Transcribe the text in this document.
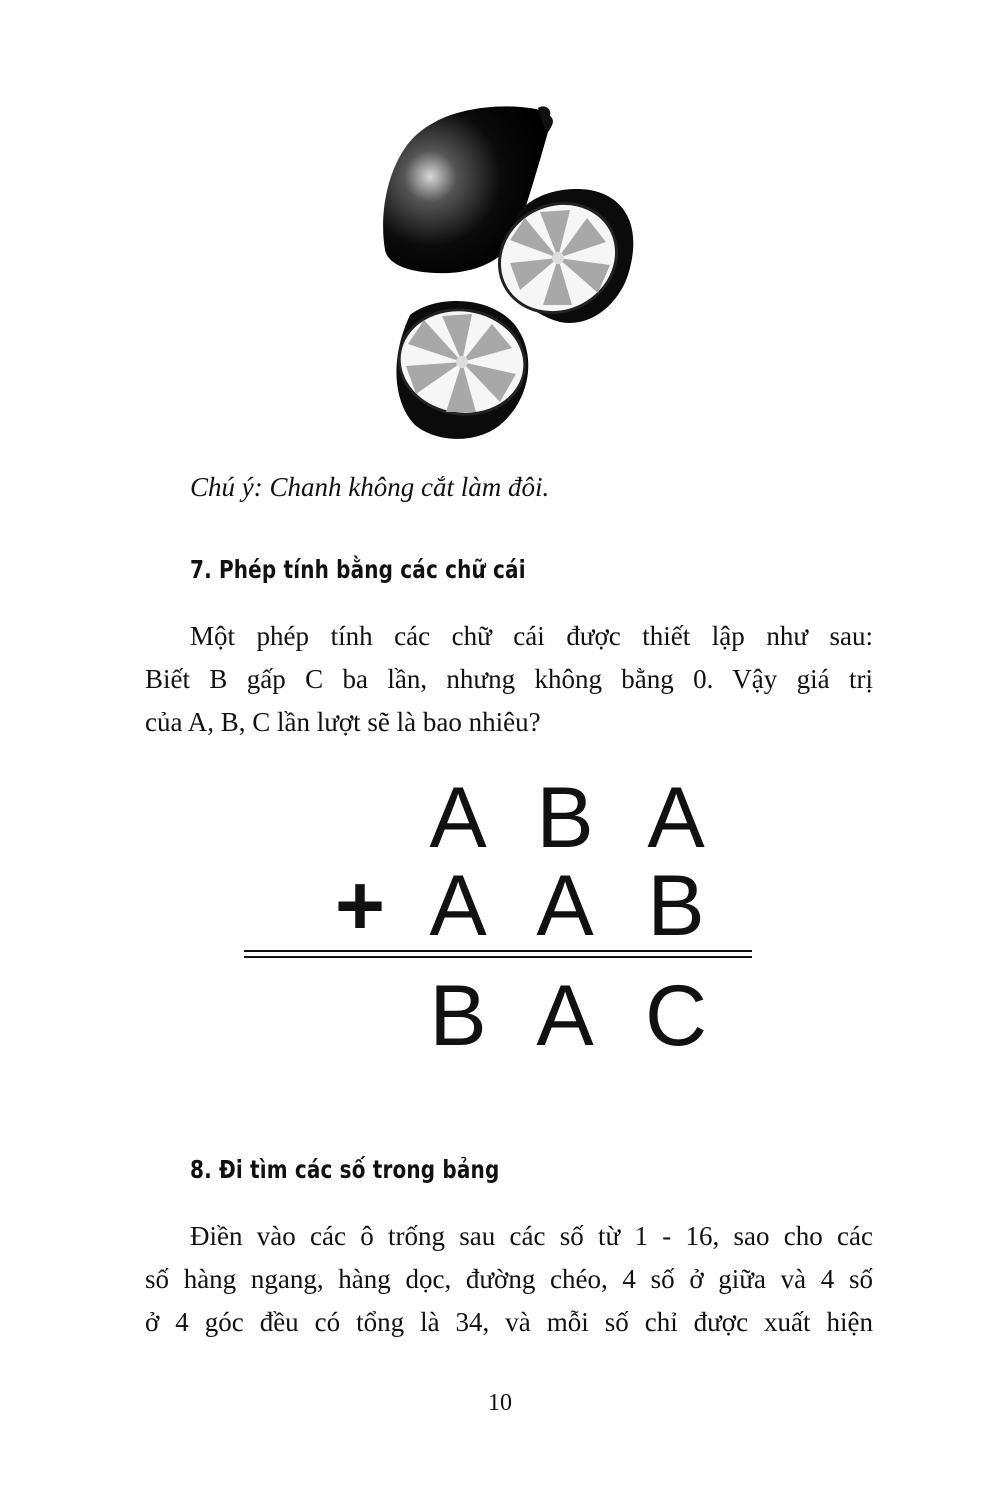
Chú ý: Chanh không cắt làm đôi.

7. Phép tính bằng các chữ cái
Một phép tính các chữ cái được thiết lập như sau:
Biết B gấp C ba lần, nhưng không bằng 0. Vậy giá trị
của A, B, C lần lượt sẽ là bao nhiêu?
A B A
+ A A B
B A C
8. Đi tìm các số trong bảng
Điền vào các ô trống sau các số từ 1 - 16, sao cho các
số hàng ngang, hàng dọc, đường chéo, 4 số ở giữa và 4 số
ở 4 góc đều có tổng là 34, và mỗi số chỉ được xuất hiện
10
